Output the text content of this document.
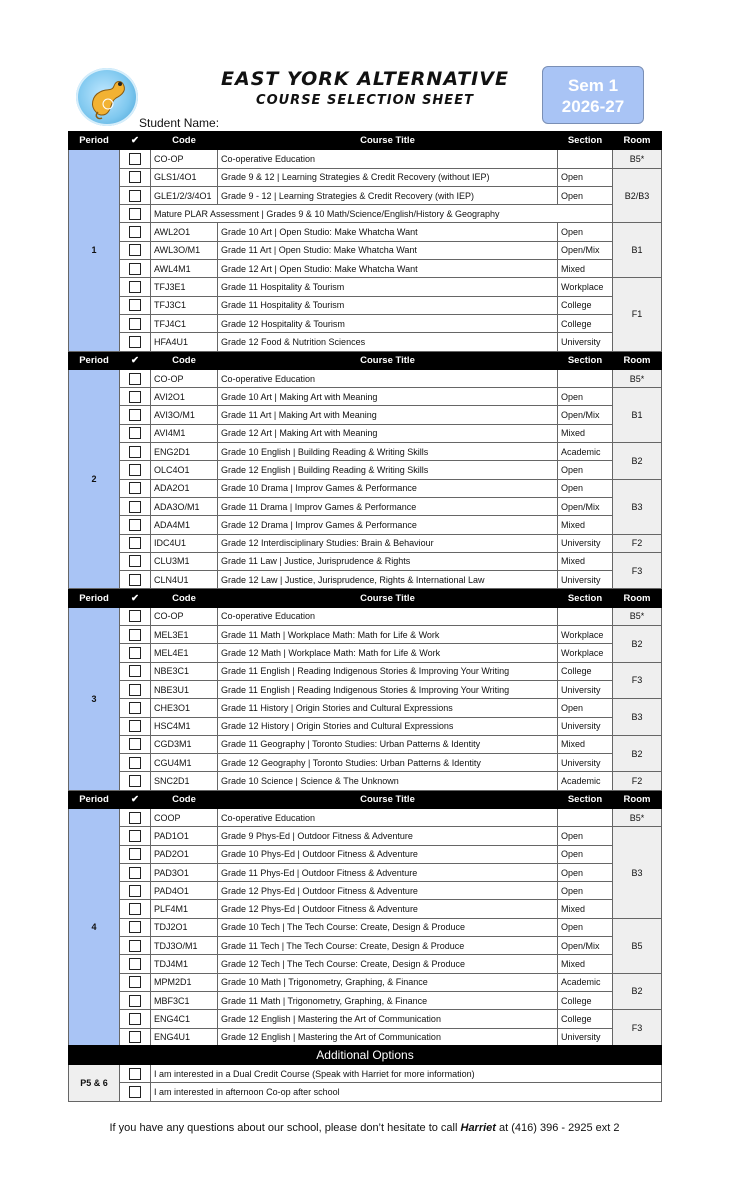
EAST YORK ALTERNATIVE
COURSE SELECTION SHEET
Sem 1
2026-27
Student Name:
Period	✔	Code	Course Title	Section	Room
1		CO-OP	Co-operative Education		B5*
		GLS1/4O1	Grade 9 & 12 | Learning Strategies & Credit Recovery (without IEP)	Open	B2/B3
		GLE1/2/3/4O1	Grade 9 - 12 | Learning Strategies & Credit Recovery (with IEP)	Open	
		Mature PLAR Assessment | Grades 9 & 10 Math/Science/English/History & Geography			
		AWL2O1	Grade 10 Art | Open Studio: Make Whatcha Want	Open	B1
		AWL3O/M1	Grade 11 Art | Open Studio: Make Whatcha Want	Open/Mix	
		AWL4M1	Grade 12 Art | Open Studio: Make Whatcha Want	Mixed	
		TFJ3E1	Grade 11 Hospitality & Tourism	Workplace	F1
		TFJ3C1	Grade 11 Hospitality & Tourism	College	
		TFJ4C1	Grade 12 Hospitality & Tourism	College	
		HFA4U1	Grade 12 Food & Nutrition Sciences	University	
Period	✔	Code	Course Title	Section	Room
2		CO-OP	Co-operative Education		B5*
		AVI2O1	Grade 10 Art | Making Art with Meaning	Open	B1
		AVI3O/M1	Grade 11 Art | Making Art with Meaning	Open/Mix	
		AVI4M1	Grade 12 Art | Making Art with Meaning	Mixed	
		ENG2D1	Grade 10 English | Building Reading & Writing Skills	Academic	B2
		OLC4O1	Grade 12 English | Building Reading & Writing Skills	Open	
		ADA2O1	Grade 10 Drama | Improv Games & Performance	Open	B3
		ADA3O/M1	Grade 11 Drama | Improv Games & Performance	Open/Mix	
		ADA4M1	Grade 12 Drama | Improv Games & Performance	Mixed	
		IDC4U1	Grade 12 Interdisciplinary Studies: Brain & Behaviour	University	F2
		CLU3M1	Grade 11 Law | Justice, Jurisprudence & Rights	Mixed	F3
		CLN4U1	Grade 12 Law | Justice, Jurisprudence, Rights & International Law	University	
Period	✔	Code	Course Title	Section	Room
3		CO-OP	Co-operative Education		B5*
		MEL3E1	Grade 11 Math | Workplace Math: Math for Life & Work	Workplace	B2
		MEL4E1	Grade 12 Math | Workplace Math: Math for Life & Work	Workplace	
		NBE3C1	Grade 11 English | Reading Indigenous Stories & Improving Your Writing	College	F3
		NBE3U1	Grade 11 English | Reading Indigenous Stories & Improving Your Writing	University	
		CHE3O1	Grade 11 History | Origin Stories and Cultural Expressions	Open	B3
		HSC4M1	Grade 12 History | Origin Stories and Cultural Expressions	University	
		CGD3M1	Grade 11 Geography | Toronto Studies: Urban Patterns & Identity	Mixed	B2
		CGU4M1	Grade 12 Geography | Toronto Studies: Urban Patterns & Identity	University	
		SNC2D1	Grade 10 Science | Science & The Unknown	Academic	F2
Period	✔	Code	Course Title	Section	Room
4		COOP	Co-operative Education		B5*
		PAD1O1	Grade 9 Phys-Ed | Outdoor Fitness & Adventure	Open	B3
		PAD2O1	Grade 10 Phys-Ed | Outdoor Fitness & Adventure	Open	
		PAD3O1	Grade 11 Phys-Ed | Outdoor Fitness & Adventure	Open	
		PAD4O1	Grade 12 Phys-Ed | Outdoor Fitness & Adventure	Open	
		PLF4M1	Grade 12 Phys-Ed | Outdoor Fitness & Adventure	Mixed	
		TDJ2O1	Grade 10 Tech | The Tech Course: Create, Design & Produce	Open	B5
		TDJ3O/M1	Grade 11 Tech | The Tech Course: Create, Design & Produce	Open/Mix	
		TDJ4M1	Grade 12 Tech | The Tech Course: Create, Design & Produce	Mixed	
		MPM2D1	Grade 10 Math | Trigonometry, Graphing, & Finance	Academic	B2
		MBF3C1	Grade 11 Math | Trigonometry, Graphing, & Finance	College	
		ENG4C1	Grade 12 English | Mastering the Art of Communication	College	F3
		ENG4U1	Grade 12 English | Mastering the Art of Communication	University	
Additional Options		
P5 & 6		I am interested in a Dual Credit Course (Speak with Harriet for more information)
		I am interested in afternoon Co-op after school
If you have any questions about our school, please don’t hesitate to call Harriet at (416) 396 - 2925 ext 2
